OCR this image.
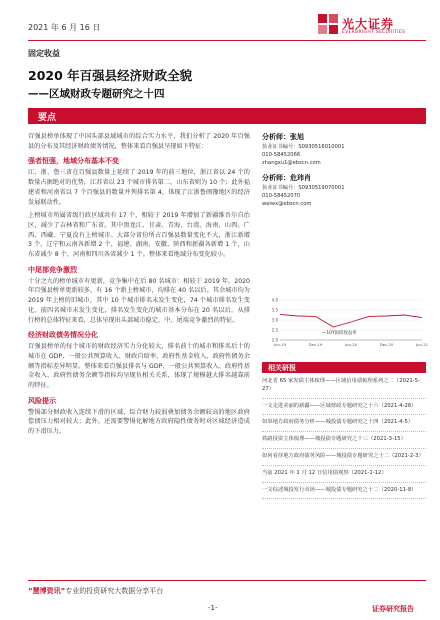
2021 年 6 月 16 日	光大证券
EVERBRIGHT SECURITIES
固定收益
2020 年百强县经济财政全貌
——区域财政专题研究之十四
要点

百强县榜单体现了中国头部县域城市的综合实力水平，我们分析了 2020 年百强县的分布及其经济财政债务情况，整体来看百强县呈现如下特征：

强者恒强，地域分布基本不变

江、浙、鲁三省在百强县数量上延续了 2019 年的前三地位，浙江省以 24 个的数量占据绝对的优势，江苏省以 23 个城市排名第二，山东省则为 10 个；此外福建省和河南省以 7 个百强县的数量并列排名第 4，体现了江浙鲁闽豫地区的经济发展联动性。

上榜城市所属省级行政区域共有 17 个，相较于 2019 年增加了新疆维吾尔自治区，减少了吉林省和广东省。其中黑龙江、甘肃、青海、台湾、海南、山西、广西、西藏、宁夏没有上榜城市。大部分省份所占百强县数量变化不大，浙江新增 3 个，辽宁和云南各新增 2 个，福建、湖南、安徽、陕西和新疆各新增 1 个，山东省减少 8 个，河南和四川各省减少 1 个。整体来看地域分布变化较小。

中尾部竞争激烈

十分之九的榜单城市有更新，竞争集中在后 80 名城市：相较于 2019 年，2020 年百强县榜单更新较多，有 16 个新上榜城市，均排在 40 名以后。其余城市均为 2019 年上榜的旧城市，其中 10 个城市排名未发生变化，74 个城市排名发生变化。前四名城市未发生变化，排名发生变化的城市基本分布在 20 名以后。从排行榜的总体特征来看，总体呈现出头部城市稳定，中、尾端竞争激烈的特征。

经济财政债务情况分化

百强县榜单的每个城市的财政经济实力分化较大，排名前十的城市和排名后十的城市在 GDP、一般公共预算收入、财政自给率、政府性基金收入、政府性债务余额等指标差异明显。整体来看百强县排名与 GDP、一般公共预算收入、政府性基金收入、政府性债务余额等指标均呈现负相关关系，体现了规模越大排名越靠前的特征。

风险提示

警惕部分财政收入连续下滑的区域，综合财力较弱叠加债务余额较高的地区政府偿债压力相对较大；此外，还需要警惕化解地方政府隐性债务时对区域经济造成的下滑压力。

分析师：张旭
执业证书编号：S0930516010001
010-58452066
zhangxu1@ebscn.com
分析师：危玮肖
执业证书编号：S0930519070001
010-58452070
weiwx@ebscn.com
4.0
3.5
3.0
2.5
2.0
Jun-19	Dec-19	Jun-20	Dec-20	Jun-21
—10Y国债收益率
相关研报
河北省 65 家发债主体梳理——区域信用债梳理系列之二（2021-5-27）
一文走进美丽的新疆——区域财政专题研究之十六（2021-4-26）
如皋地方政府债务分析——城投债专题研究之十四（2021-4-5）
铁路投资主体梳理——城投债专题研究之十三（2021-3-15）
如何看待地方政府债务风险——城投债专题研究之十二（2021-2-3）
当前 2021 年 1 月 12 日信用债观察（2021-1-12）
一文综述城投发行市场——城投债专题研究之十二（2020-11-8）
“慧博资讯”专业的投资研究大数据分享平台
-1-	证券研究报告
